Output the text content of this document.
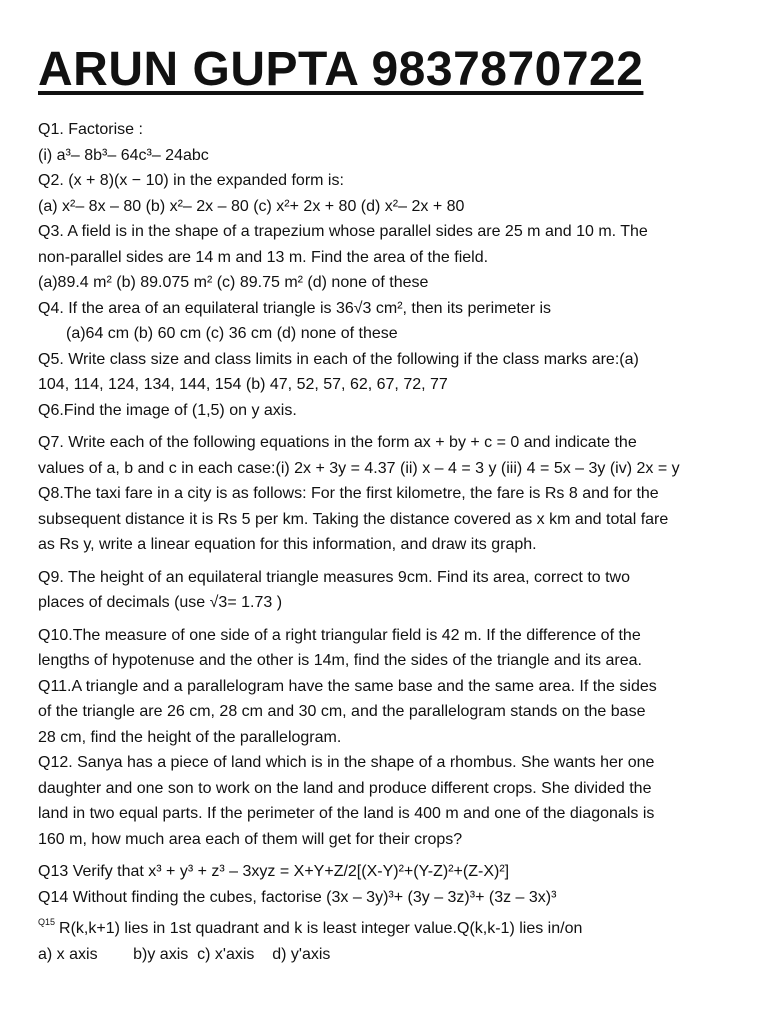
ARUN GUPTA 9837870722
Q1. Factorise :
(i) a³– 8b³– 64c³– 24abc
Q2. (x + 8)(x − 10) in the expanded form is:
(a) x²– 8x – 80 (b) x²– 2x – 80 (c) x²+ 2x + 80 (d) x²– 2x + 80
Q3. A field is in the shape of a trapezium whose parallel sides are 25 m and 10 m. The
non-parallel sides are 14 m and 13 m. Find the area of the field.
(a)89.4 m² (b) 89.075 m² (c) 89.75 m² (d) none of these
Q4. If the area of an equilateral triangle is 36√3 cm², then its perimeter is
(a)64 cm (b) 60 cm (c) 36 cm (d) none of these
Q5. Write class size and class limits in each of the following if the class marks are:(a)
104, 114, 124, 134, 144, 154 (b) 47, 52, 57, 62, 67, 72, 77
Q6.Find the image of (1,5) on y axis.
Q7. Write each of the following equations in the form ax + by + c = 0 and indicate the
values of a, b and c in each case:(i) 2x + 3y = 4.37 (ii) x – 4 = 3 y (iii) 4 = 5x – 3y (iv) 2x = y
Q8.The taxi fare in a city is as follows: For the first kilometre, the fare is Rs 8 and for the
subsequent distance it is Rs 5 per km. Taking the distance covered as x km and total fare
as Rs y, write a linear equation for this information, and draw its graph.
Q9. The height of an equilateral triangle measures 9cm. Find its area, correct to two
places of decimals (use √3= 1.73 )
Q10.The measure of one side of a right triangular field is 42 m. If the difference of the
lengths of hypotenuse and the other is 14m, find the sides of the triangle and its area.
Q11.A triangle and a parallelogram have the same base and the same area. If the sides
of the triangle are 26 cm, 28 cm and 30 cm, and the parallelogram stands on the base
28 cm, find the height of the parallelogram.
Q12. Sanya has a piece of land which is in the shape of a rhombus. She wants her one
daughter and one son to work on the land and produce different crops. She divided the
land in two equal parts. If the perimeter of the land is 400 m and one of the diagonals is
160 m, how much area each of them will get for their crops?
Q13 Verify that x³ + y³ + z³ – 3xyz = X+Y+Z/2[(X-Y)²+(Y-Z)²+(Z-X)²]
Q14 Without finding the cubes, factorise (3x – 3y)³+ (3y – 3z)³+ (3z – 3x)³
$^{Q15}$ R(k,k+1) lies in 1st quadrant and k is least integer value.Q(k,k-1) lies in/on
a) x axis        b)y axis  c) x'axis    d) y'axis
